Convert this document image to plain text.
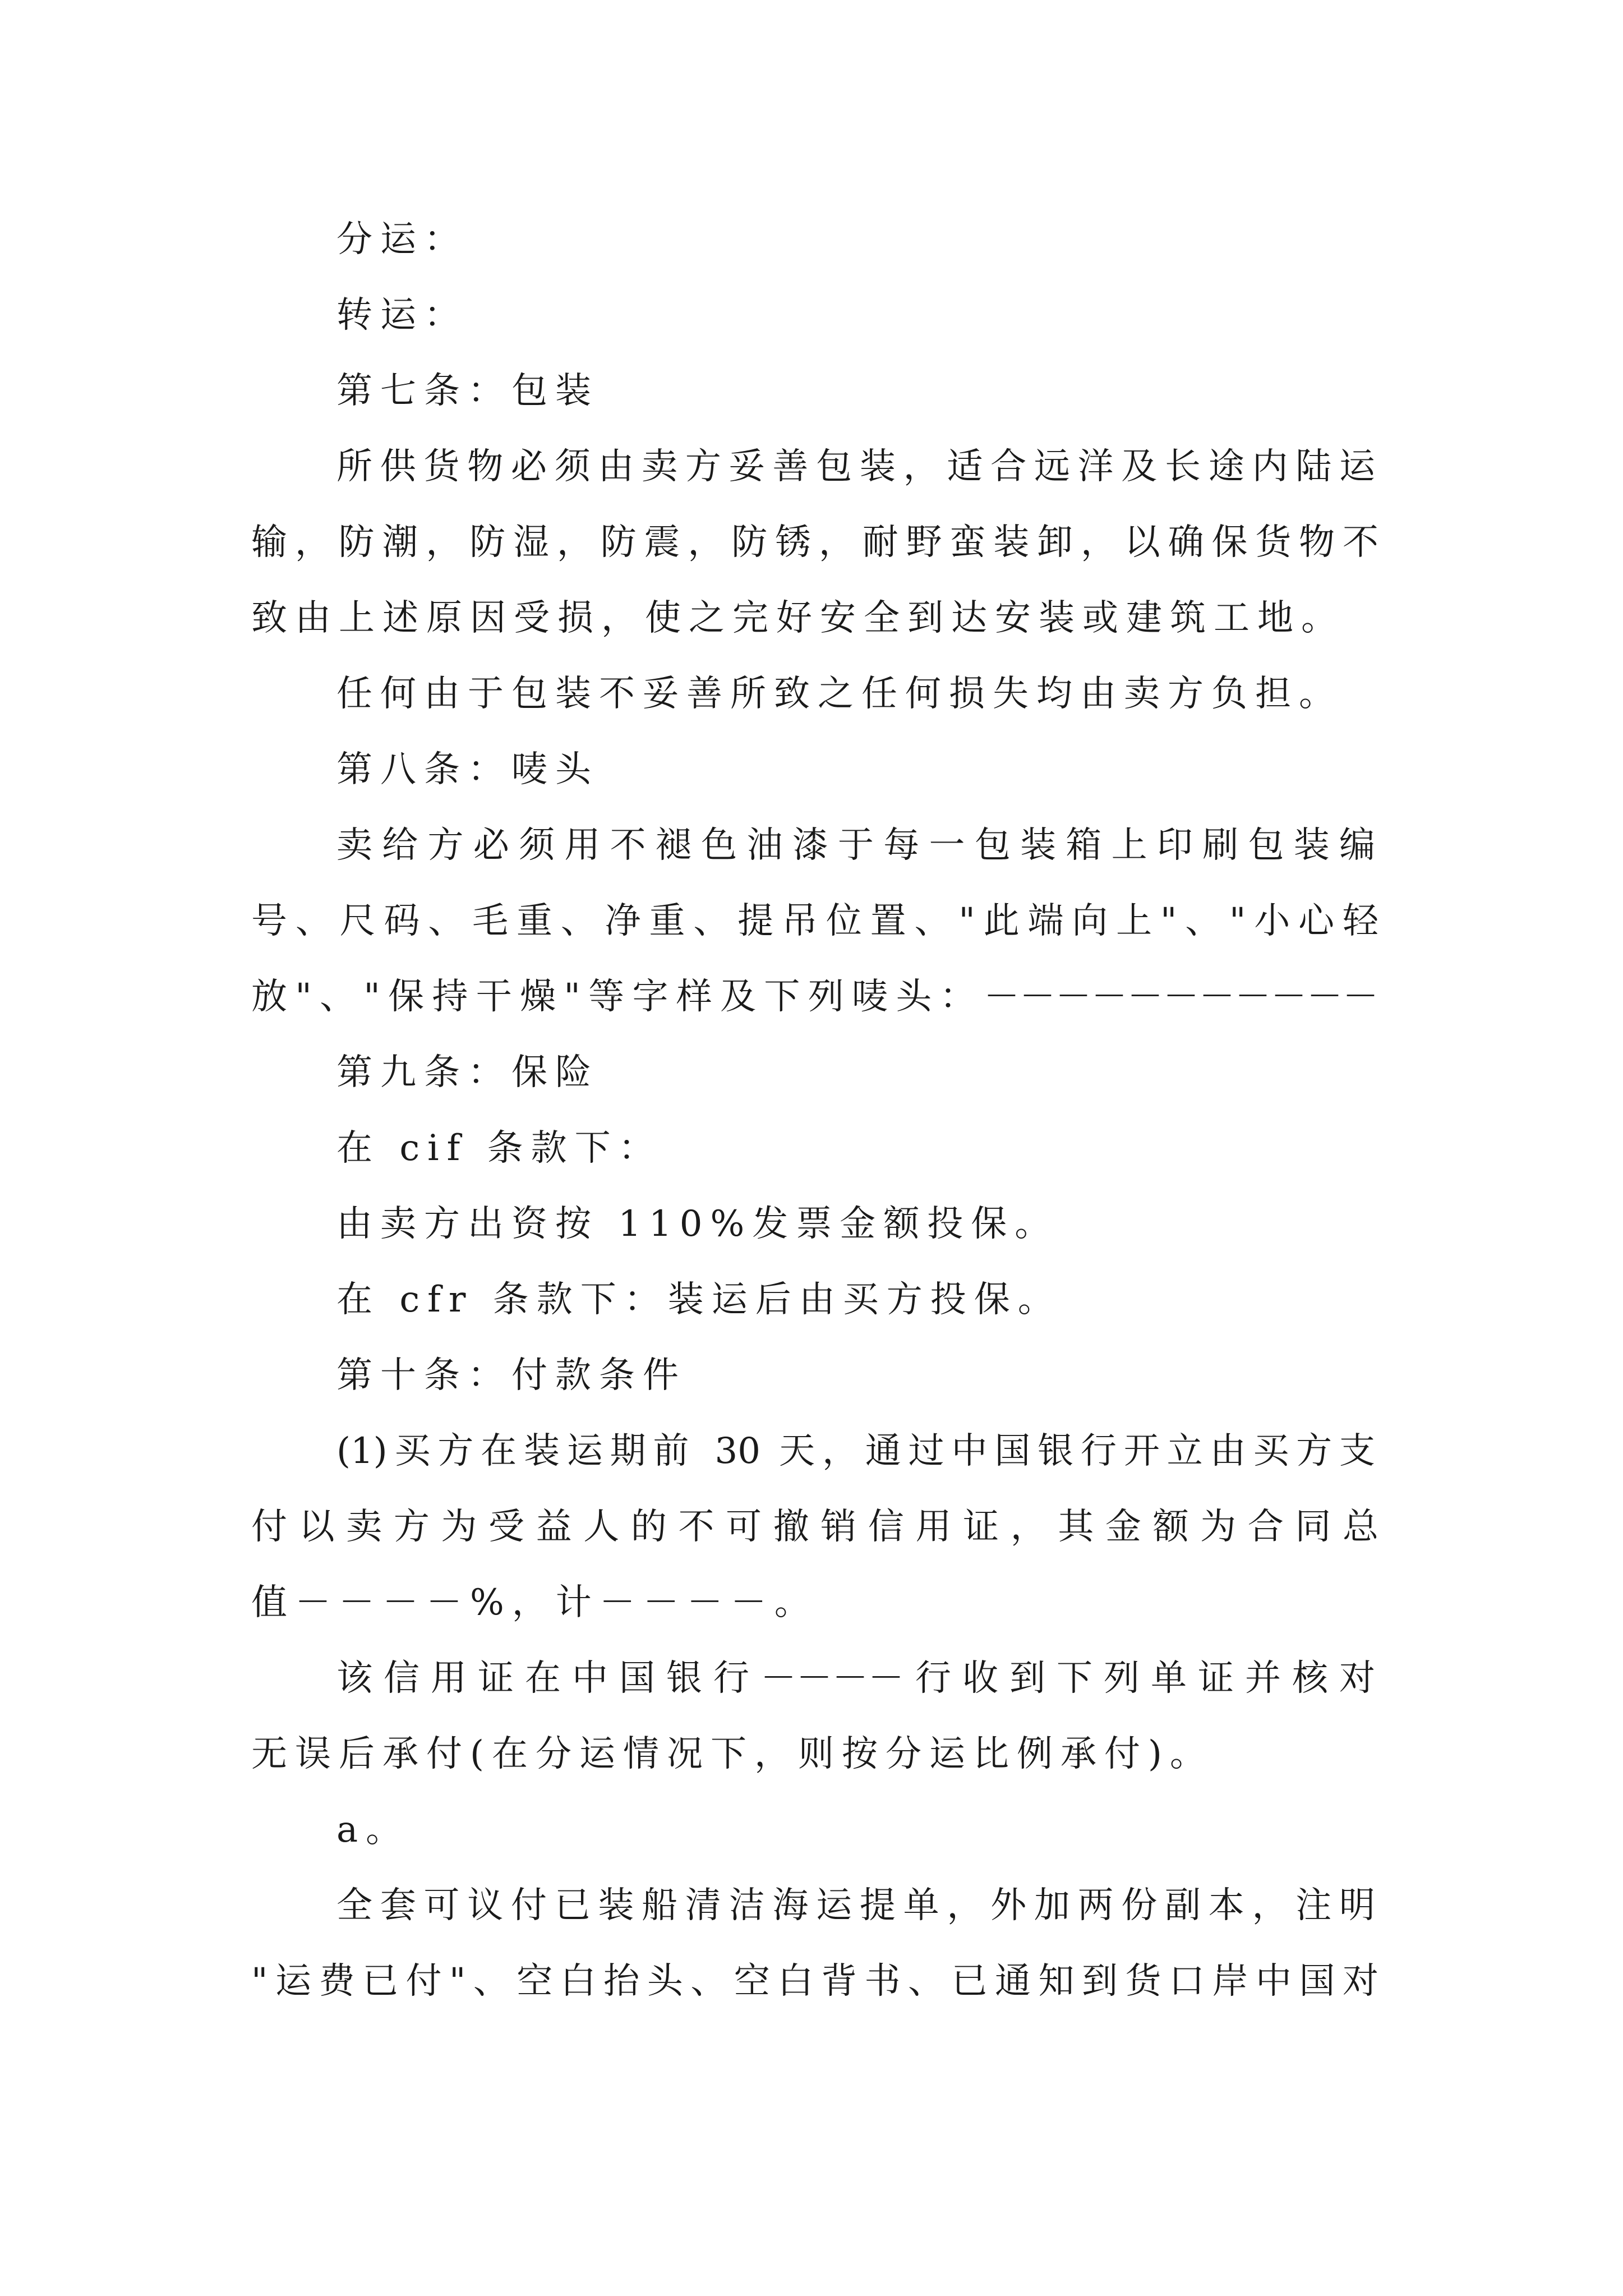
分运：
转运：
第七条：包装
所供货物必须由卖方妥善包装，适合远洋及长途内陆运
输，防潮，防湿，防震，防锈，耐野蛮装卸，以确保货物不
致由上述原因受损，使之完好安全到达安装或建筑工地。
任何由于包装不妥善所致之任何损失均由卖方负担。
第八条：唛头
卖给方必须用不褪色油漆于每一包装箱上印刷包装编
号、尺码、毛重、净重、提吊位置、"此端向上"、"小心轻
放"、"保持干燥"等字样及下列唛头：－－－－－－－－－－－
第九条：保险
在 cif 条款下：
由卖方出资按 110%发票金额投保。
在 cfr 条款下：装运后由买方投保。
第十条：付款条件
(1)买方在装运期前 30 天，通过中国银行开立由买方支
付以卖方为受益人的不可撤销信用证，其金额为合同总
值－－－－%，计－－－－。
该信用证在中国银行－－－－行收到下列单证并核对
无误后承付(在分运情况下，则按分运比例承付)。
a。
全套可议付已装船清洁海运提单，外加两份副本，注明
"运费已付"、空白抬头、空白背书、已通知到货口岸中国对
